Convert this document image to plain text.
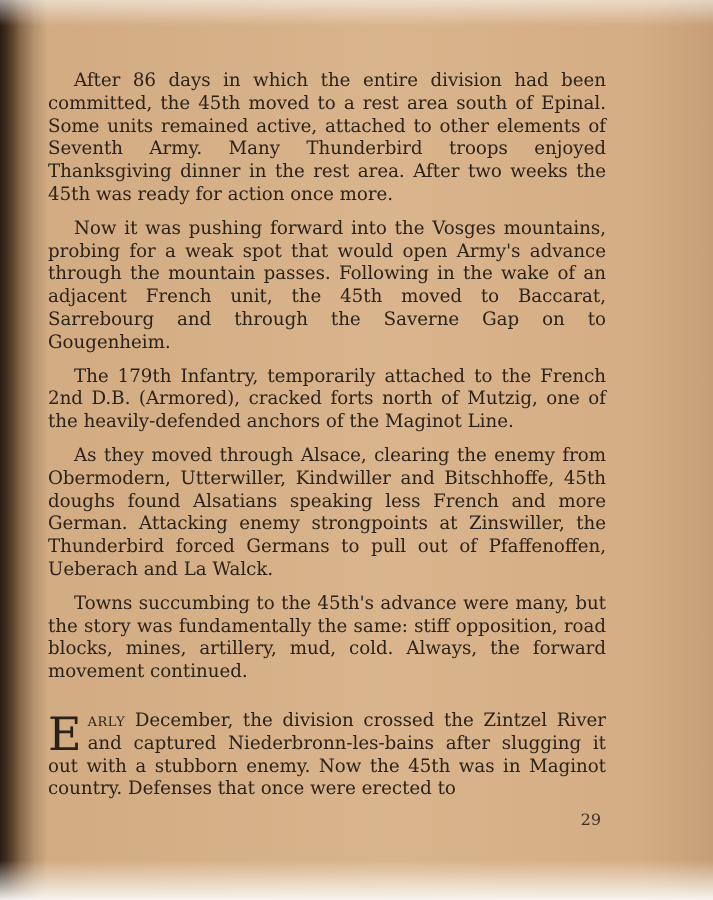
After 86 days in which the entire division had been committed, the 45th moved to a rest area south of Epinal. Some units remained active, attached to other elements of Seventh Army. Many Thunderbird troops enjoyed Thanksgiving dinner in the rest area. After two weeks the 45th was ready for action once more.

Now it was pushing forward into the Vosges mountains, probing for a weak spot that would open Army's advance through the mountain passes. Following in the wake of an adjacent French unit, the 45th moved to Baccarat, Sarrebourg and through the Saverne Gap on to Gougenheim.

The 179th Infantry, temporarily attached to the French 2nd D.B. (Armored), cracked forts north of Mutzig, one of the heavily-defended anchors of the Maginot Line.

As they moved through Alsace, clearing the enemy from Obermodern, Utterwiller, Kindwiller and Bitschhoffe, 45th doughs found Alsatians speaking less French and more German. Attacking enemy strongpoints at Zinswiller, the Thunderbird forced Germans to pull out of Pfaffenoffen, Ueberach and La Walck.

Towns succumbing to the 45th's advance were many, but the story was fundamentally the same: stiff opposition, road blocks, mines, artillery, mud, cold. Always, the forward movement continued.

Early December, the division crossed the Zintzel River and captured Niederbronn-les-bains after slugging it out with a stubborn enemy. Now the 45th was in Maginot country. Defenses that once were erected to

29
